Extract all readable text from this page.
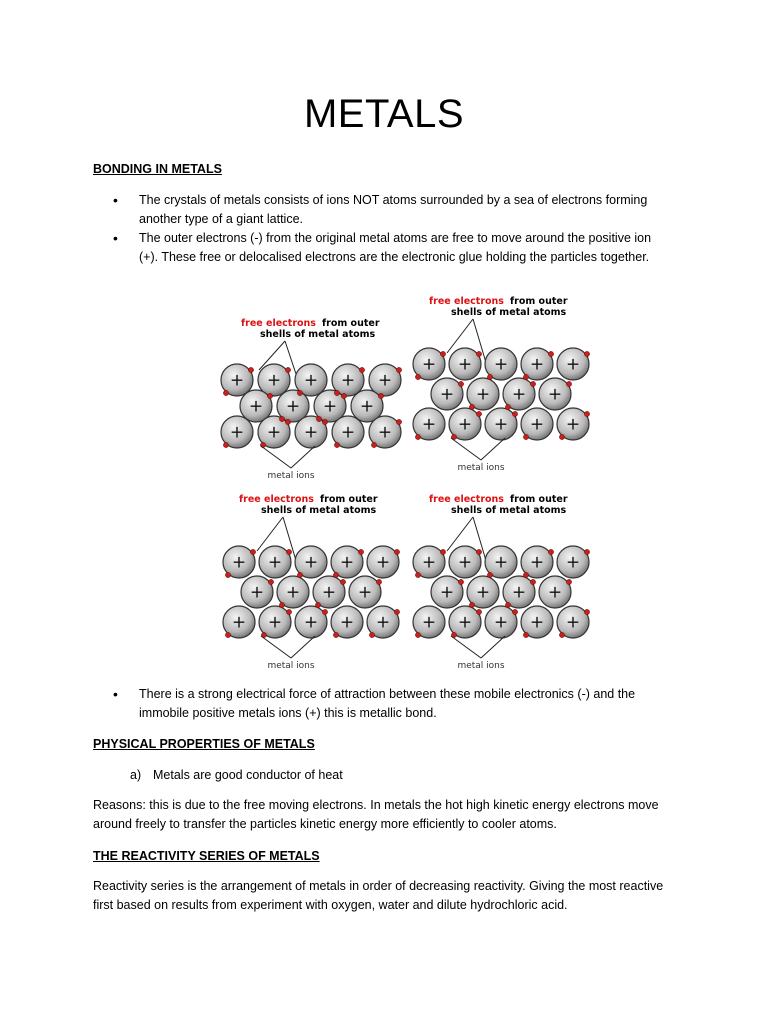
METALS
BONDING IN METALS
• The crystals of metals consists of ions NOT atoms surrounded by a sea of electrons forming another type of a giant lattice.
• The outer electrons (-) from the original metal atoms are free to move around the positive ion (+). These free or delocalised electrons are the electronic glue holding the particles together.
free electrons from outer
shells of metal atoms
+ + + + +
+ + + +
+ + + + +
metal ions
free electrons from outer
shells of metal atoms
+ + + + +
+ + + +
+ + + + +
metal ions
free electrons from outer
shells of metal atoms
+ + + + +
+ + + +
+ + + + +
metal ions
free electrons from outer
shells of metal atoms
+ + + + +
+ + + +
+ + + + +
metal ions
• There is a strong electrical force of attraction between these mobile electronics (-) and the immobile positive metals ions (+) this is metallic bond.
PHYSICAL PROPERTIES OF METALS
a) Metals are good conductor of heat

Reasons: this is due to the free moving electrons. In metals the hot high kinetic energy electrons move around freely to transfer the particles kinetic energy more efficiently to cooler atoms.

THE REACTIVITY SERIES OF METALS

Reactivity series is the arrangement of metals in order of decreasing reactivity. Giving the most reactive first based on results from experiment with oxygen, water and dilute hydrochloric acid.
